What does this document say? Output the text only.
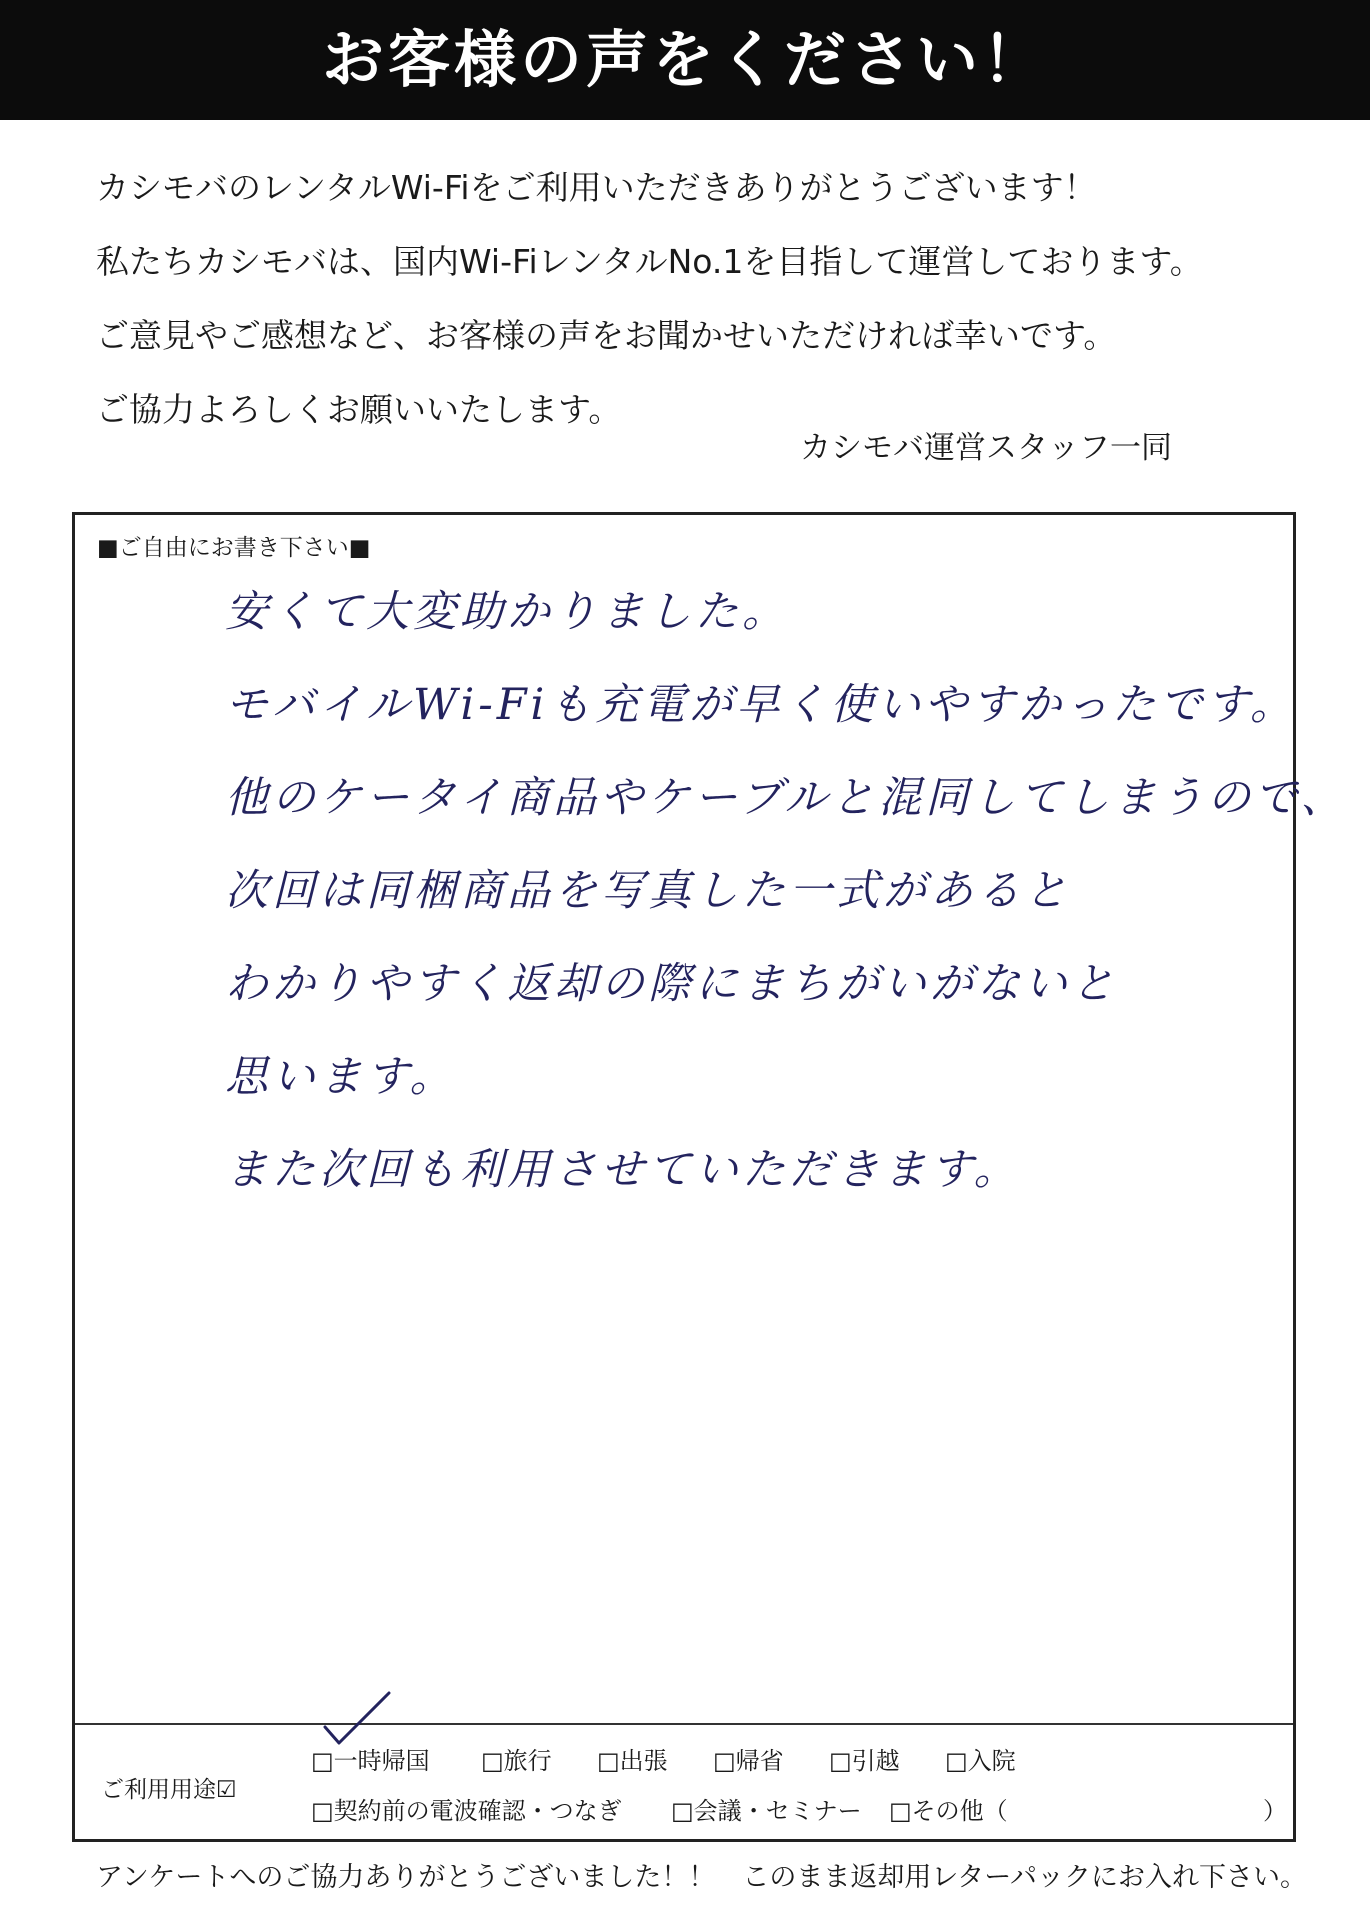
お客様の声をください！
カシモバのレンタルWi-Fiをご利用いただきありがとうございます！
私たちカシモバは、国内Wi-FiレンタルNo.1を目指して運営しております。
ご意見やご感想など、お客様の声をお聞かせいただければ幸いです。
ご協力よろしくお願いいたします。
カシモバ運営スタッフ一同
■ご自由にお書き下さい■
安くて大変助かりました。
モバイルWi-Fiも充電が早く使いやすかったです。
他のケータイ商品やケーブルと混同してしまうので、
次回は同梱商品を写真した一式があると
わかりやすく返却の際にまちがいがないと
思います。
また次回も利用させていただきます。
ご利用用途☑
□一時帰国 □旅行 □出張 □帰省 □引越 □入院
□契約前の電波確認・つなぎ □会議・セミナー □その他（	）
アンケートへのご協力ありがとうございました！！　このまま返却用レターパックにお入れ下さい。
